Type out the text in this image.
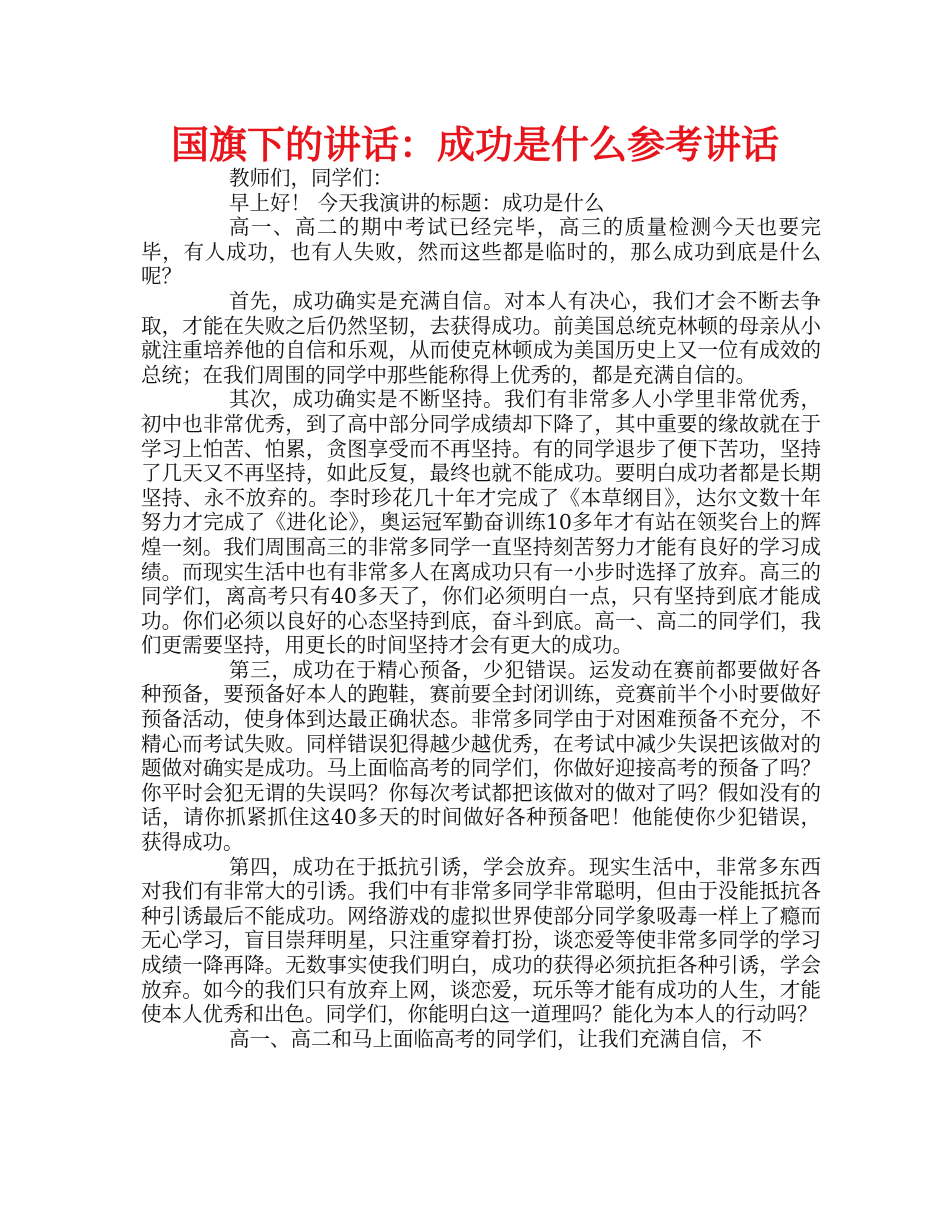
国旗下的讲话：成功是什么参考讲话

教师们，同学们：

早上好！ 今天我演讲的标题：成功是什么

高一、高二的期中考试已经完毕，高三的质量检测今天也要完毕，有人成功，也有人失败，然而这些都是临时的，那么成功到底是什么呢？

首先，成功确实是充满自信。对本人有决心，我们才会不断去争取，才能在失败之后仍然坚韧，去获得成功。前美国总统克林顿的母亲从小就注重培养他的自信和乐观，从而使克林顿成为美国历史上又一位有成效的总统；在我们周围的同学中那些能称得上优秀的，都是充满自信的。

其次，成功确实是不断坚持。我们有非常多人小学里非常优秀，初中也非常优秀，到了高中部分同学成绩却下降了，其中重要的缘故就在于学习上怕苦、怕累，贪图享受而不再坚持。有的同学退步了便下苦功，坚持了几天又不再坚持，如此反复，最终也就不能成功。要明白成功者都是长期坚持、永不放弃的。李时珍花几十年才完成了《本草纲目》，达尔文数十年努力才完成了《进化论》，奥运冠军勤奋训练10多年才有站在领奖台上的辉煌一刻。我们周围高三的非常多同学一直坚持刻苦努力才能有良好的学习成绩。而现实生活中也有非常多人在离成功只有一小步时选择了放弃。高三的同学们，离高考只有40多天了，你们必须明白一点，只有坚持到底才能成功。你们必须以良好的心态坚持到底，奋斗到底。高一、高二的同学们，我们更需要坚持，用更长的时间坚持才会有更大的成功。

第三，成功在于精心预备，少犯错误。运发动在赛前都要做好各种预备，要预备好本人的跑鞋，赛前要全封闭训练，竞赛前半个小时要做好预备活动，使身体到达最正确状态。非常多同学由于对困难预备不充分，不精心而考试失败。同样错误犯得越少越优秀，在考试中减少失误把该做对的题做对确实是成功。马上面临高考的同学们，你做好迎接高考的预备了吗？你平时会犯无谓的失误吗？你每次考试都把该做对的做对了吗？假如没有的话，请你抓紧抓住这40多天的时间做好各种预备吧！他能使你少犯错误，获得成功。

第四，成功在于抵抗引诱，学会放弃。现实生活中，非常多东西对我们有非常大的引诱。我们中有非常多同学非常聪明，但由于没能抵抗各种引诱最后不能成功。网络游戏的虚拟世界使部分同学象吸毒一样上了瘾而无心学习，盲目崇拜明星，只注重穿着打扮，谈恋爱等使非常多同学的学习成绩一降再降。无数事实使我们明白，成功的获得必须抗拒各种引诱，学会放弃。如今的我们只有放弃上网，谈恋爱，玩乐等才能有成功的人生，才能使本人优秀和出色。同学们，你能明白这一道理吗？能化为本人的行动吗？

高一、高二和马上面临高考的同学们，让我们充满自信，不
